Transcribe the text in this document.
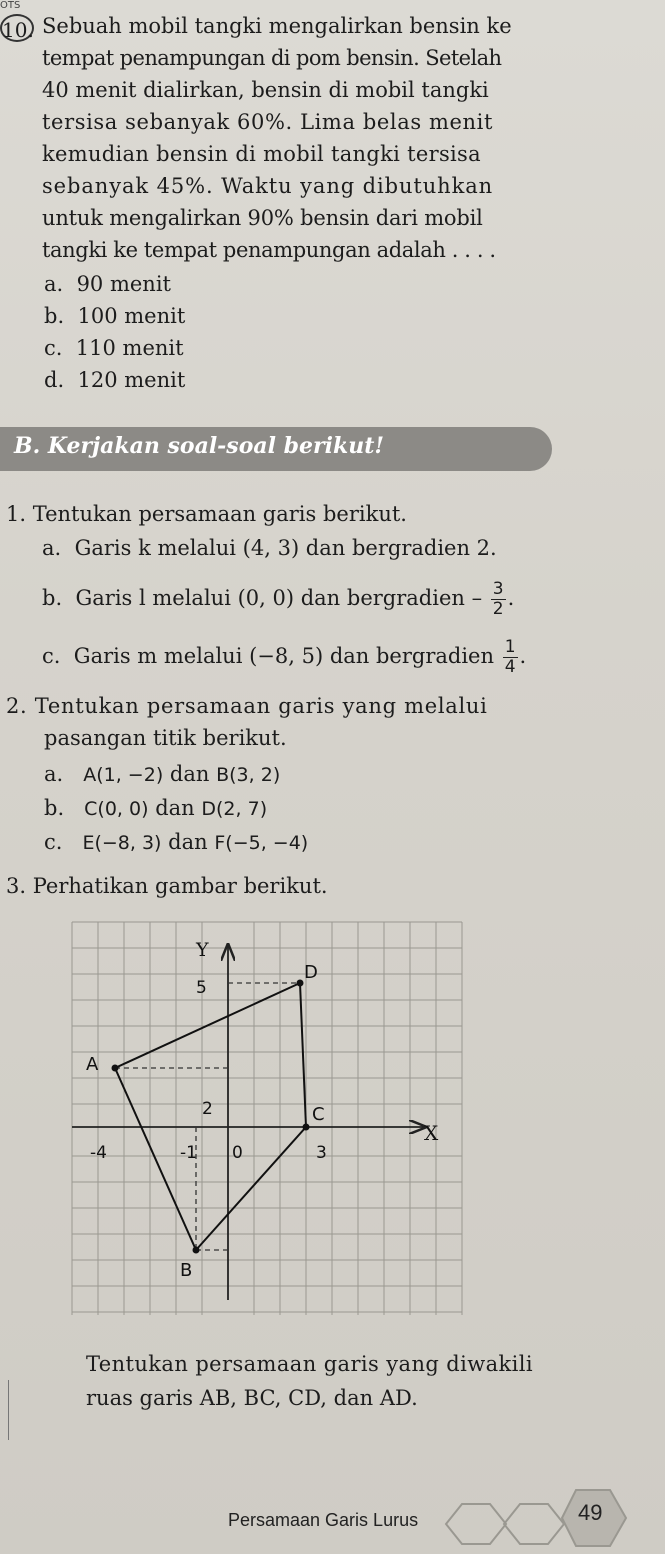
OTS
10. Sebuah mobil tangki mengalirkan bensin ke
tempat penampungan di pom bensin. Setelah
40 menit dialirkan, bensin di mobil tangki
tersisa sebanyak 60%. Lima belas menit
kemudian bensin di mobil tangki tersisa
sebanyak 45%. Waktu yang dibutuhkan
untuk mengalirkan 90% bensin dari mobil
tangki ke tempat penampungan adalah . . . .
a. 90 menit
b. 100 menit
c. 110 menit
d. 120 menit
B. Kerjakan soal-soal berikut!
1. Tentukan persamaan garis berikut.
a. Garis k melalui (4, 3) dan bergradien 2.
b. Garis l melalui (0, 0) dan bergradien – $\frac{3}{2}$ .
c. Garis m melalui (−8, 5) dan bergradien $\frac{1}{4}$ .
2. Tentukan persamaan garis yang melalui
pasangan titik berikut.
a. A(1, −2) dan B(3, 2)
b. C(0, 0) dan D(2, 7)
c. E(−8, 3) dan F(−5, −4)
3. Perhatikan gambar berikut.
A
B
C
D
X
Y
5
2
-4	-1 0	3
Tentukan persamaan garis yang diwakili
ruas garis AB, BC, CD, dan AD.
Persamaan Garis Lurus	49
